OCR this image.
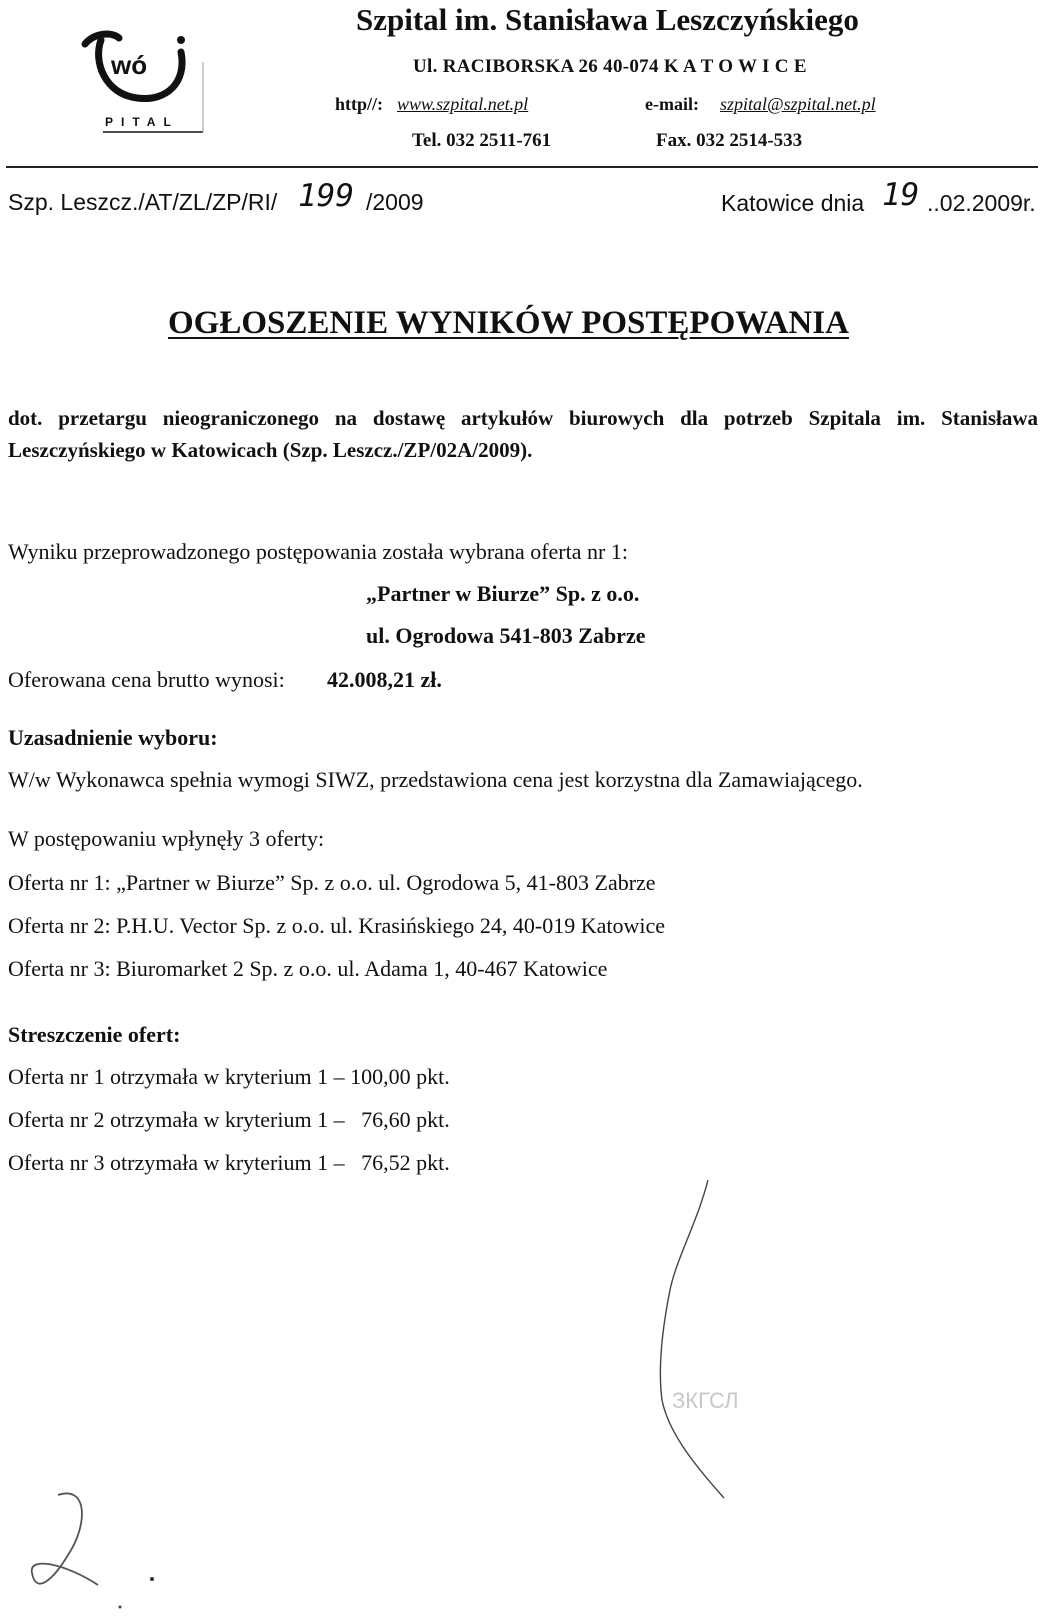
wó
PITAL
Szpital im. Stanisława Leszczyńskiego
Ul. RACIBORSKA 26 40-074 K A T O W I C E
http//: www.szpital.net.pl	e-mail: szpital@szpital.net.pl
Tel. 032 2511-761	Fax. 032 2514-533
Szp. Leszcz./AT/ZL/ZP/RI/ 199 /2009	Katowice dnia 19 ..02.2009r.
OGŁOSZENIE WYNIKÓW POSTĘPOWANIA
dot. przetargu nieograniczonego na dostawę artykułów biurowych dla potrzeb Szpitala im. Stanisława Leszczyńskiego w Katowicach (Szp. Leszcz./ZP/02A/2009).
Wyniku przeprowadzonego postępowania została wybrana oferta nr 1:
„Partner w Biurze” Sp. z o.o.
ul. Ogrodowa 541-803 Zabrze
Oferowana cena brutto wynosi: 42.008,21 zł.
Uzasadnienie wyboru:
W/w Wykonawca spełnia wymogi SIWZ, przedstawiona cena jest korzystna dla Zamawiającego.
W postępowaniu wpłynęły 3 oferty:
Oferta nr 1: „Partner w Biurze” Sp. z o.o. ul. Ogrodowa 5, 41-803 Zabrze
Oferta nr 2: P.H.U. Vector Sp. z o.o. ul. Krasińskiego 24, 40-019 Katowice
Oferta nr 3: Biuromarket 2 Sp. z o.o. ul. Adama 1, 40-467 Katowice
Streszczenie ofert:
Oferta nr 1 otrzymała w kryterium 1 – 100,00 pkt.
Oferta nr 2 otrzymała w kryterium 1 –   76,60 pkt.
Oferta nr 3 otrzymała w kryterium 1 –   76,52 pkt.
ЗКГСЛ
